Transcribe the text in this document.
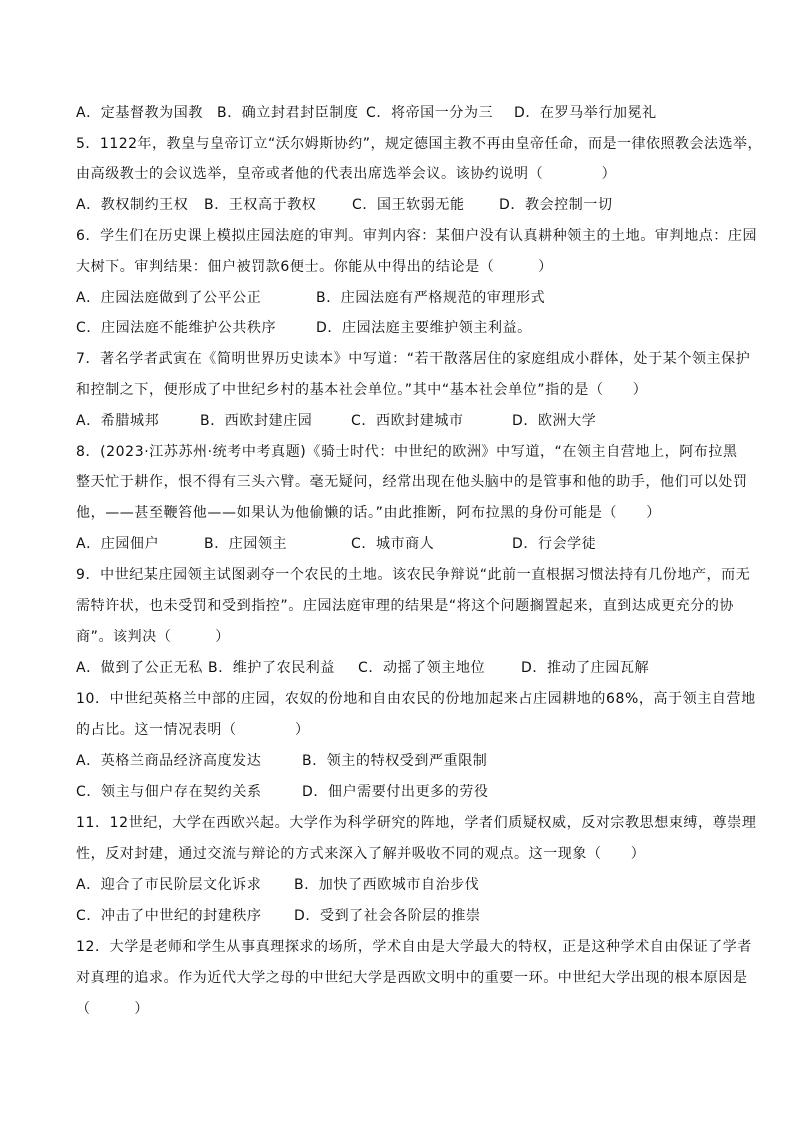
A．定基督教为国教 B．确立封君封臣制度 C．将帝国一分为三 D．在罗马举行加冕礼
5．1122年，教皇与皇帝订立“沃尔姆斯协约”，规定德国主教不再由皇帝任命，而是一律依照教会法选举，
由高级教士的会议选举，皇帝或者他的代表出席选举会议。该协约说明（　　　　）
A．教权制约王权 B．王权高于教权	C．国王软弱无能 D．教会控制一切
6．学生们在历史课上模拟庄园法庭的审判。审判内容：某佃户没有认真耕种领主的土地。审判地点：庄园
大树下。审判结果：佃户被罚款6便士。你能从中得出的结论是（　　　）
A．庄园法庭做到了公平公正	B．庄园法庭有严格规范的审理形式
C．庄园法庭不能维护公共秩序	D．庄园法庭主要维护领主利益。
7．著名学者武寅在《简明世界历史读本》中写道：“若干散落居住的家庭组成小群体，处于某个领主保护
和控制之下，便形成了中世纪乡村的基本社会单位。”其中“基本社会单位”指的是（　　）
A．希腊城邦	B．西欧封建庄园	C．西欧封建城市	D．欧洲大学
8．(2023·江苏苏州·统考中考真题)《骑士时代：中世纪的欧洲》中写道，“在领主自营地上，阿布拉黑
整天忙于耕作，恨不得有三头六臂。毫无疑问，经常出现在他头脑中的是管事和他的助手，他们可以处罚
他，——甚至鞭笞他——如果认为他偷懒的话。”由此推断，阿布拉黑的身份可能是（　　）
A．庄园佃户	B．庄园领主	C．城市商人	D．行会学徒
9．中世纪某庄园领主试图剥夺一个农民的土地。该农民争辩说“此前一直根据习惯法持有几份地产，而无
需特许状，也未受罚和受到指控”。庄园法庭审理的结果是“将这个问题搁置起来，直到达成更充分的协
商”。该判决（　　　）
A．做到了公正无私 B．维护了农民利益 C．动摇了领主地位	D．推动了庄园瓦解
10．中世纪英格兰中部的庄园，农奴的份地和自由农民的份地加起来占庄园耕地的68%，高于领主自营地
的占比。这一情况表明（　　　　）
A．英格兰商品经济高度发达	B．领主的特权受到严重限制
C．领主与佃户存在契约关系	D．佃户需要付出更多的劳役
11．12世纪，大学在西欧兴起。大学作为科学研究的阵地，学者们质疑权威，反对宗教思想束缚，尊崇理
性，反对封建，通过交流与辩论的方式来深入了解并吸收不同的观点。这一现象（　　）
A．迎合了市民阶层文化诉求 B．加快了西欧城市自治步伐
C．冲击了中世纪的封建秩序 D．受到了社会各阶层的推崇
12．大学是老师和学生从事真理探求的场所，学术自由是大学最大的特权，正是这种学术自由保证了学者
对真理的追求。作为近代大学之母的中世纪大学是西欧文明中的重要一环。中世纪大学出现的根本原因是
（　　　）
